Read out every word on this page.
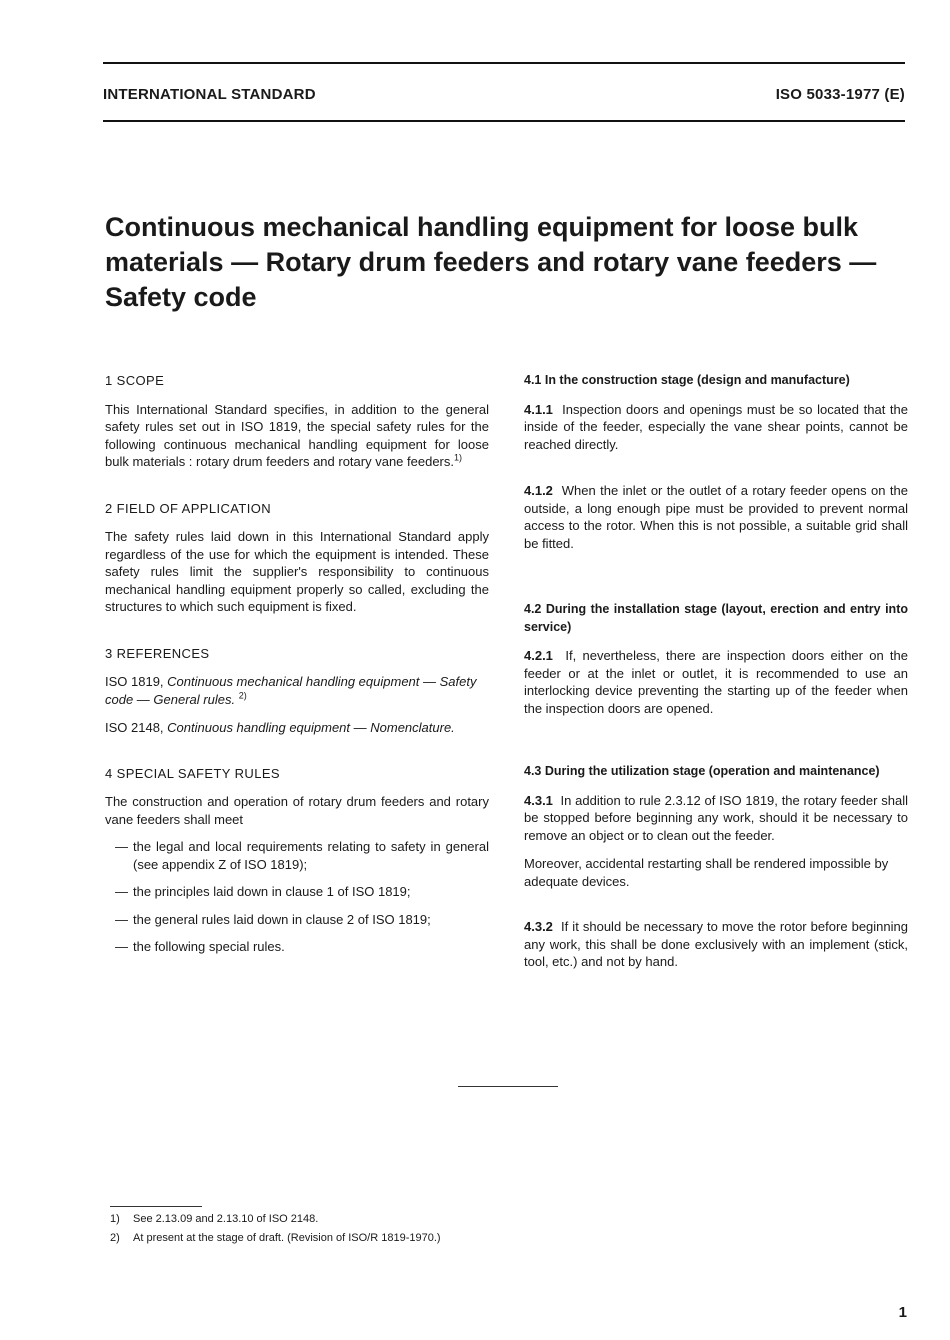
INTERNATIONAL STANDARD	ISO 5033-1977 (E)
Continuous mechanical handling equipment for loose bulk
materials — Rotary drum feeders and rotary vane feeders —
Safety code

1 SCOPE

This International Standard specifies, in addition to the general safety rules set out in ISO 1819, the special safety rules for the following continuous mechanical handling equipment for loose bulk materials : rotary drum feeders and rotary vane feeders.$^{1)}$

2 FIELD OF APPLICATION

The safety rules laid down in this International Standard apply regardless of the use for which the equipment is intended. These safety rules limit the supplier's responsibility to continuous mechanical handling equipment properly so called, excluding the structures to which such equipment is fixed.

3 REFERENCES

ISO 1819, Continuous mechanical handling equipment — Safety code — General rules. $^{2)}$

ISO 2148, Continuous handling equipment — Nomenclature.

4 SPECIAL SAFETY RULES

The construction and operation of rotary drum feeders and rotary vane feeders shall meet

— the legal and local requirements relating to safety in general (see appendix Z of ISO 1819);
— the principles laid down in clause 1 of ISO 1819;
— the general rules laid down in clause 2 of ISO 1819;
— the following special rules.

4.1 In the construction stage (design and manufacture)

4.1.1 Inspection doors and openings must be so located that the inside of the feeder, especially the vane shear points, cannot be reached directly.

4.1.2 When the inlet or the outlet of a rotary feeder opens on the outside, a long enough pipe must be provided to prevent normal access to the rotor. When this is not possible, a suitable grid shall be fitted.

4.2 During the installation stage (layout, erection and entry into service)

4.2.1 If, nevertheless, there are inspection doors either on the feeder or at the inlet or outlet, it is recommended to use an interlocking device preventing the starting up of the feeder when the inspection doors are opened.

4.3 During the utilization stage (operation and maintenance)

4.3.1 In addition to rule 2.3.12 of ISO 1819, the rotary feeder shall be stopped before beginning any work, should it be necessary to remove an object or to clean out the feeder.

Moreover, accidental restarting shall be rendered impossible by adequate devices.

4.3.2 If it should be necessary to move the rotor before beginning any work, this shall be done exclusively with an implement (stick, tool, etc.) and not by hand.

1) See 2.13.09 and 2.13.10 of ISO 2148.
2) At present at the stage of draft. (Revision of ISO/R 1819-1970.)
1
